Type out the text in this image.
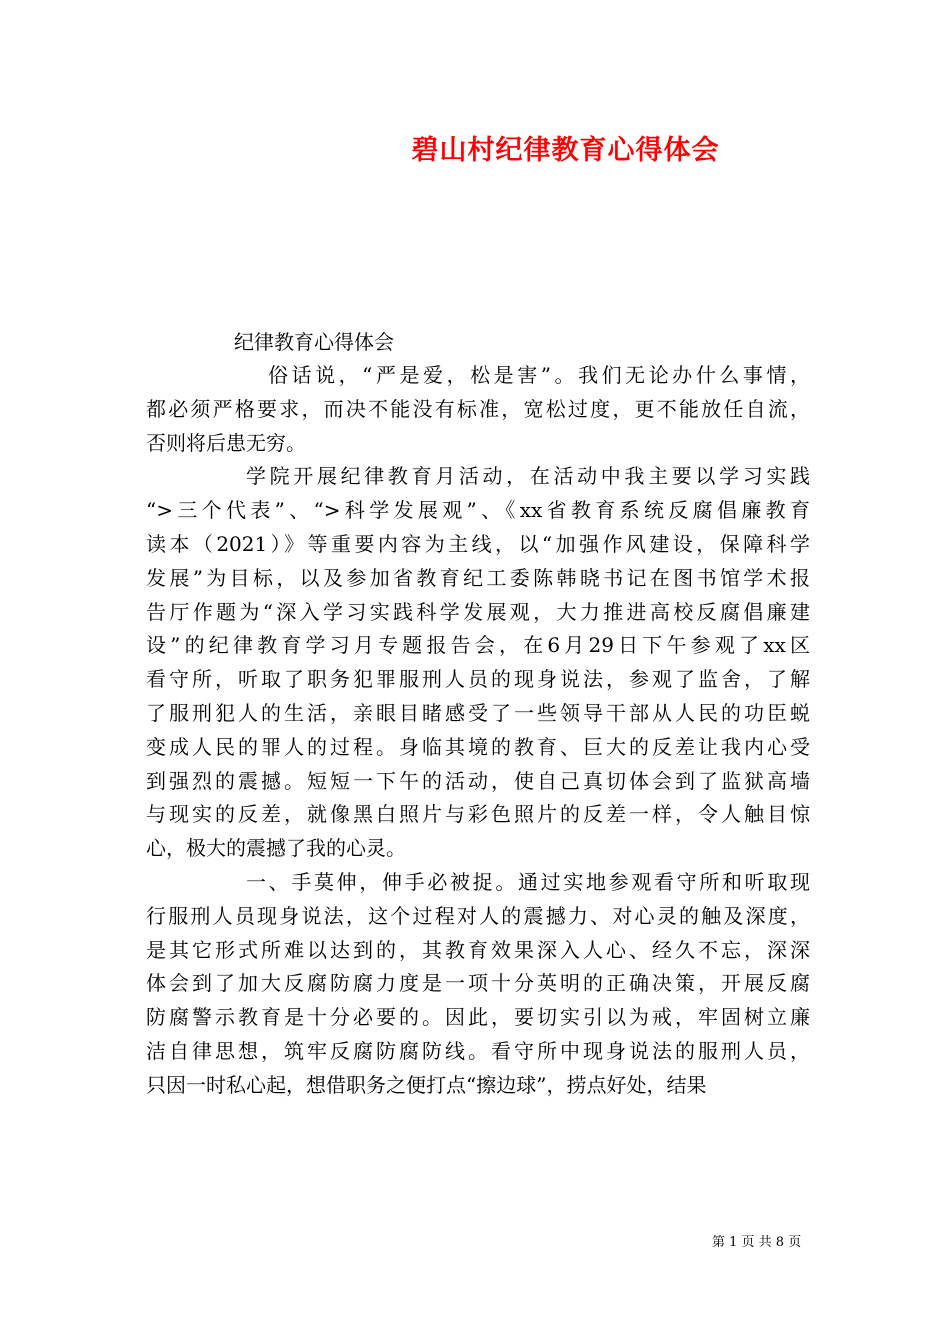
碧山村纪律教育心得体会

纪律教育心得体会

俗话说，“严是爱，松是害”。我们无论办什么事情，
都必须严格要求，而决不能没有标准，宽松过度，更不能放任自流，
否则将后患无穷。

学院开展纪律教育月活动，在活动中我主要以学习实践
“>三个代表”、“>科学发展观”、《xx省教育系统反腐倡廉教育
读本（2021）》等重要内容为主线，以“加强作风建设，保障科学
发展”为目标，以及参加省教育纪工委陈韩晓书记在图书馆学术报
告厅作题为“深入学习实践科学发展观，大力推进高校反腐倡廉建
设”的纪律教育学习月专题报告会，在6月29日下午参观了xx区
看守所，听取了职务犯罪服刑人员的现身说法，参观了监舍，了解
了服刑犯人的生活，亲眼目睹感受了一些领导干部从人民的功臣蜕
变成人民的罪人的过程。身临其境的教育、巨大的反差让我内心受
到强烈的震撼。短短一下午的活动，使自己真切体会到了监狱高墙
与现实的反差，就像黑白照片与彩色照片的反差一样，令人触目惊
心，极大的震撼了我的心灵。

一、手莫伸，伸手必被捉。通过实地参观看守所和听取现
行服刑人员现身说法，这个过程对人的震撼力、对心灵的触及深度，
是其它形式所难以达到的，其教育效果深入人心、经久不忘，深深
体会到了加大反腐防腐力度是一项十分英明的正确决策，开展反腐
防腐警示教育是十分必要的。因此，要切实引以为戒，牢固树立廉
洁自律思想，筑牢反腐防腐防线。看守所中现身说法的服刑人员，
只因一时私心起，想借职务之便打点“擦边球”，捞点好处，结果

第 1 页 共 8 页
